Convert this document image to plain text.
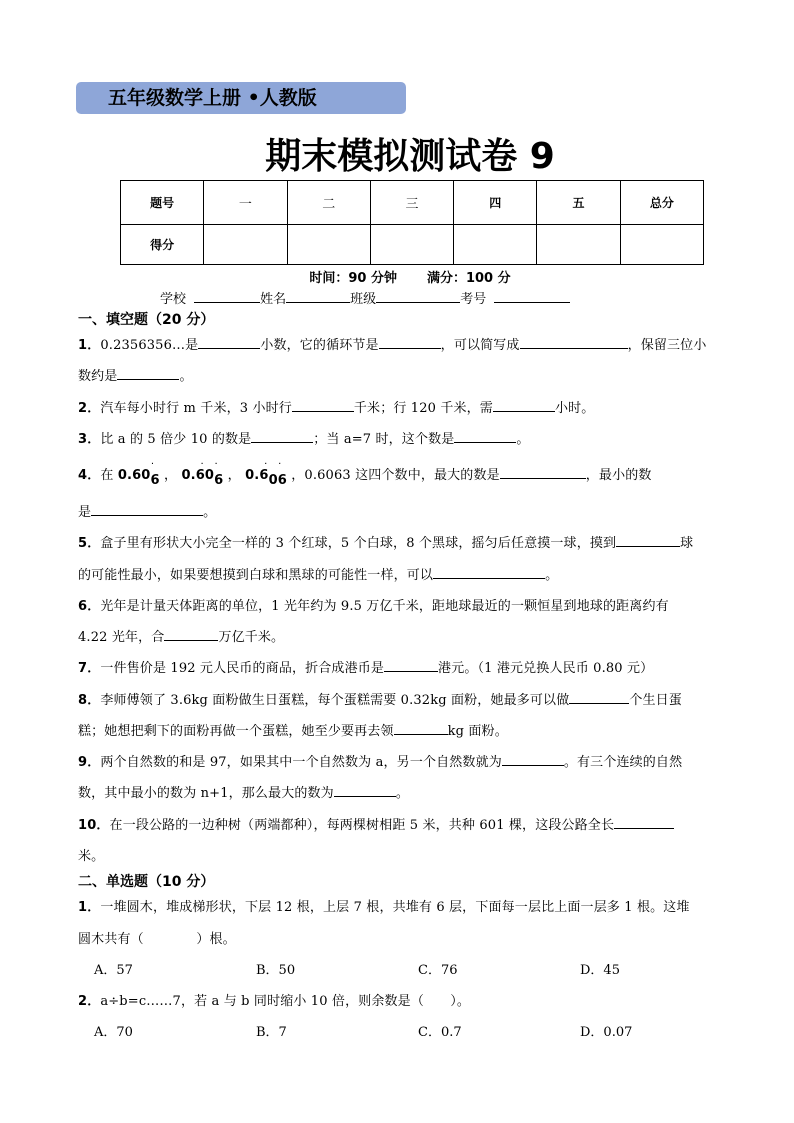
五年级数学上册 •人教版
期末模拟测试卷 9
题号	一	二	三	四	五	总分
得分						
时间：90 分钟 满分：100 分
学校	姓名	班级	考号
一、填空题（20 分）
1．0.2356356…是	小数，它的循环节是	，可以简写成	，保留三位小
数约是	。
2．汽车每小时行 m 千米，3 小时行	千米；行 120 千米，需	小时。
3．比 a 的 5 倍少 10 的数是	；当 a=7 时，这个数是	。
4．在 0.606
·
， 0.606
· ·
， 0.606
· ·
，0.6063 这四个数中，最大的数是	，最小的数
是	。
5．盒子里有形状大小完全一样的 3 个红球，5 个白球，8 个黑球，摇匀后任意摸一球，摸到	球
的可能性最小，如果要想摸到白球和黑球的可能性一样，可以	。
6．光年是计量天体距离的单位，1 光年约为 9.5 万亿千米，距地球最近的一颗恒星到地球的距离约有
4.22 光年，合	万亿千米。
7．一件售价是 192 元人民币的商品，折合成港币是	港元。（1 港元兑换人民币 0.80 元）
8．李师傅领了 3.6kg 面粉做生日蛋糕，每个蛋糕需要 0.32kg 面粉，她最多可以做	个生日蛋
糕；她想把剩下的面粉再做一个蛋糕，她至少要再去领	kg 面粉。
9．两个自然数的和是 97，如果其中一个自然数为 a，另一个自然数就为	。有三个连续的自然
数，其中最小的数为 n+1，那么最大的数为	。
10．在一段公路的一边种树（两端都种），每两棵树相距 5 米，共种 601 棵，这段公路全长
米。
二、单选题（10 分）
1．一堆圆木，堆成梯形状，下层 12 根，上层 7 根，共堆有 6 层，下面每一层比上面一层多 1 根。这堆
圆木共有（　　　　）根。
A．57	B．50	C．76	D．45
2．a÷b=c……7，若 a 与 b 同时缩小 10 倍，则余数是（　　）。
A．70	B．7	C．0.7	D．0.07
